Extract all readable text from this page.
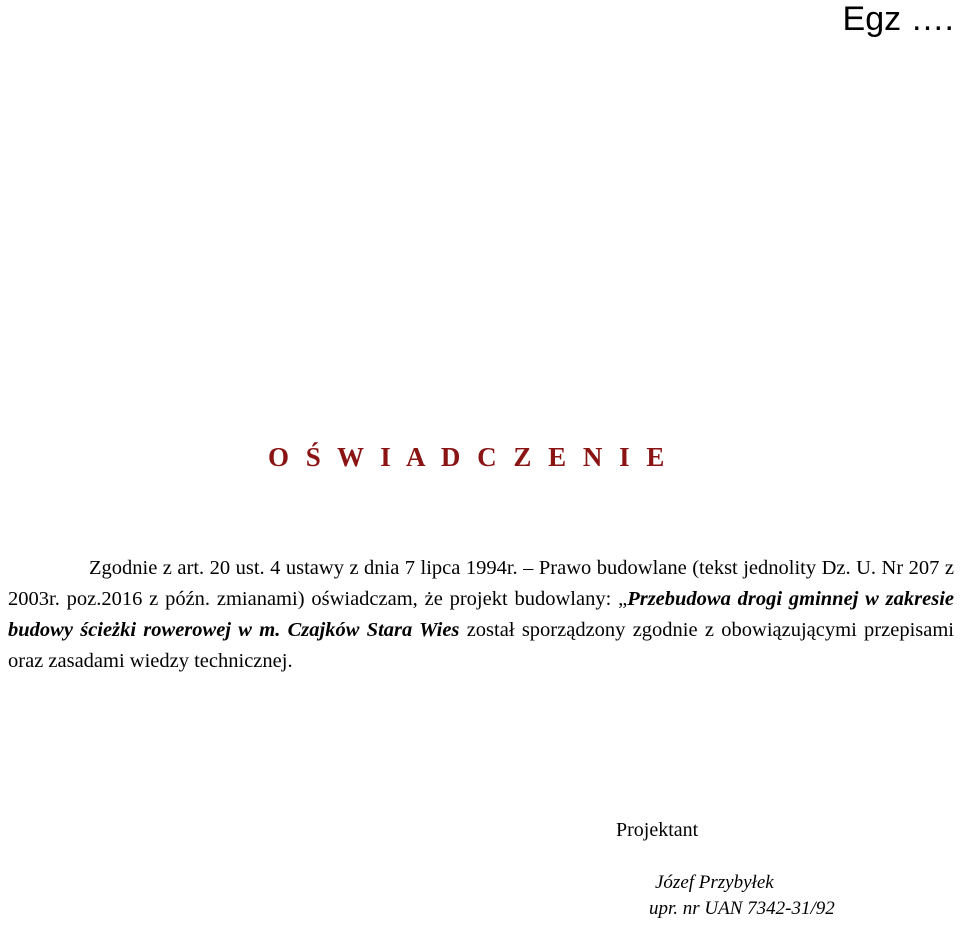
Egz ….
O Ś W I A D C Z E N I E

Zgodnie z art. 20 ust. 4 ustawy z dnia 7 lipca 1994r. – Prawo budowlane (tekst jednolity Dz. U. Nr 207 z 2003r. poz.2016 z późn. zmianami) oświadczam, że projekt budowlany: „Przebudowa drogi gminnej w zakresie budowy ścieżki rowerowej w m. Czajków Stara Wies został sporządzony zgodnie z obowiązującymi przepisami oraz zasadami wiedzy technicznej.

Projektant
Józef Przybyłek
upr. nr UAN 7342-31/92
